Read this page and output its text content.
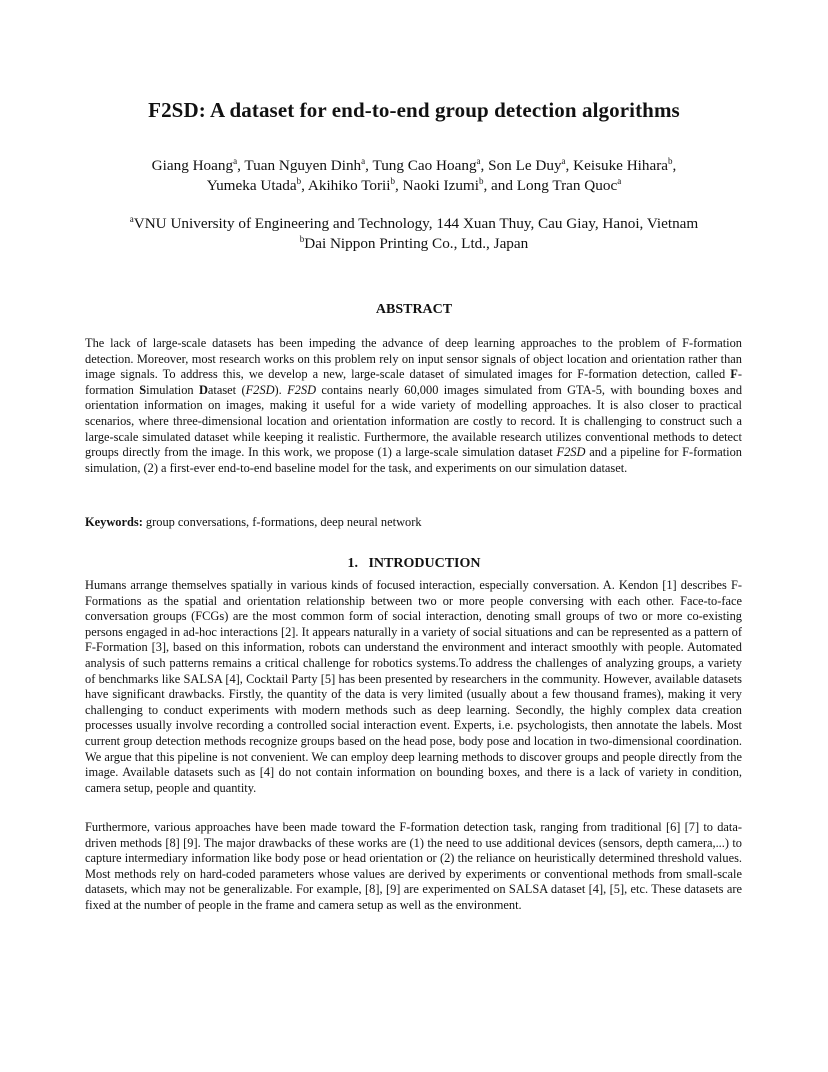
F2SD: A dataset for end-to-end group detection algorithms
Giang Hoang$^a$, Tuan Nguyen Dinh$^a$, Tung Cao Hoang$^a$, Son Le Duy$^a$, Keisuke Hihara$^b$,
Yumeka Utada$^b$, Akihiko Torii$^b$, Naoki Izumi$^b$, and Long Tran Quoc$^a$
$^a$VNU University of Engineering and Technology, 144 Xuan Thuy, Cau Giay, Hanoi, Vietnam
$^b$Dai Nippon Printing Co., Ltd., Japan
ABSTRACT
The lack of large-scale datasets has been impeding the advance of deep learning approaches to the problem of F-formation detection. Moreover, most research works on this problem rely on input sensor signals of object location and orientation rather than image signals. To address this, we develop a new, large-scale dataset of simulated images for F-formation detection, called F-formation Simulation Dataset (F2SD). F2SD contains nearly 60,000 images simulated from GTA-5, with bounding boxes and orientation information on images, making it useful for a wide variety of modelling approaches. It is also closer to practical scenarios, where three-dimensional location and orientation information are costly to record. It is challenging to construct such a large-scale simulated dataset while keeping it realistic. Furthermore, the available research utilizes conventional methods to detect groups directly from the image. In this work, we propose (1) a large-scale simulation dataset F2SD and a pipeline for F-formation simulation, (2) a first-ever end-to-end baseline model for the task, and experiments on our simulation dataset.
Keywords: group conversations, f-formations, deep neural network
1.   INTRODUCTION
Humans arrange themselves spatially in various kinds of focused interaction, especially conversation. A. Kendon [1] describes F-Formations as the spatial and orientation relationship between two or more people conversing with each other. Face-to-face conversation groups (FCGs) are the most common form of social interaction, denoting small groups of two or more co-existing persons engaged in ad-hoc interactions [2]. It appears naturally in a variety of social situations and can be represented as a pattern of F-Formation [3], based on this information, robots can understand the environment and interact smoothly with people. Automated analysis of such patterns remains a critical challenge for robotics systems.To address the challenges of analyzing groups, a variety of benchmarks like SALSA [4], Cocktail Party [5] has been presented by researchers in the community. However, available datasets have significant drawbacks. Firstly, the quantity of the data is very limited (usually about a few thousand frames), making it very challenging to conduct experiments with modern methods such as deep learning. Secondly, the highly complex data creation processes usually involve recording a controlled social interaction event. Experts, i.e. psychologists, then annotate the labels. Most current group detection methods recognize groups based on the head pose, body pose and location in two-dimensional coordination. We argue that this pipeline is not convenient. We can employ deep learning methods to discover groups and people directly from the image. Available datasets such as [4] do not contain information on bounding boxes, and there is a lack of variety in condition, camera setup, people and quantity.
Furthermore, various approaches have been made toward the F-formation detection task, ranging from traditional [6] [7] to data-driven methods [8] [9]. The major drawbacks of these works are (1) the need to use additional devices (sensors, depth camera,...) to capture intermediary information like body pose or head orientation or (2) the reliance on heuristically determined threshold values. Most methods rely on hard-coded parameters whose values are derived by experiments or conventional methods from small-scale datasets, which may not be generalizable. For example, [8], [9] are experimented on SALSA dataset [4], [5], etc. These datasets are fixed at the number of people in the frame and camera setup as well as the environment.
